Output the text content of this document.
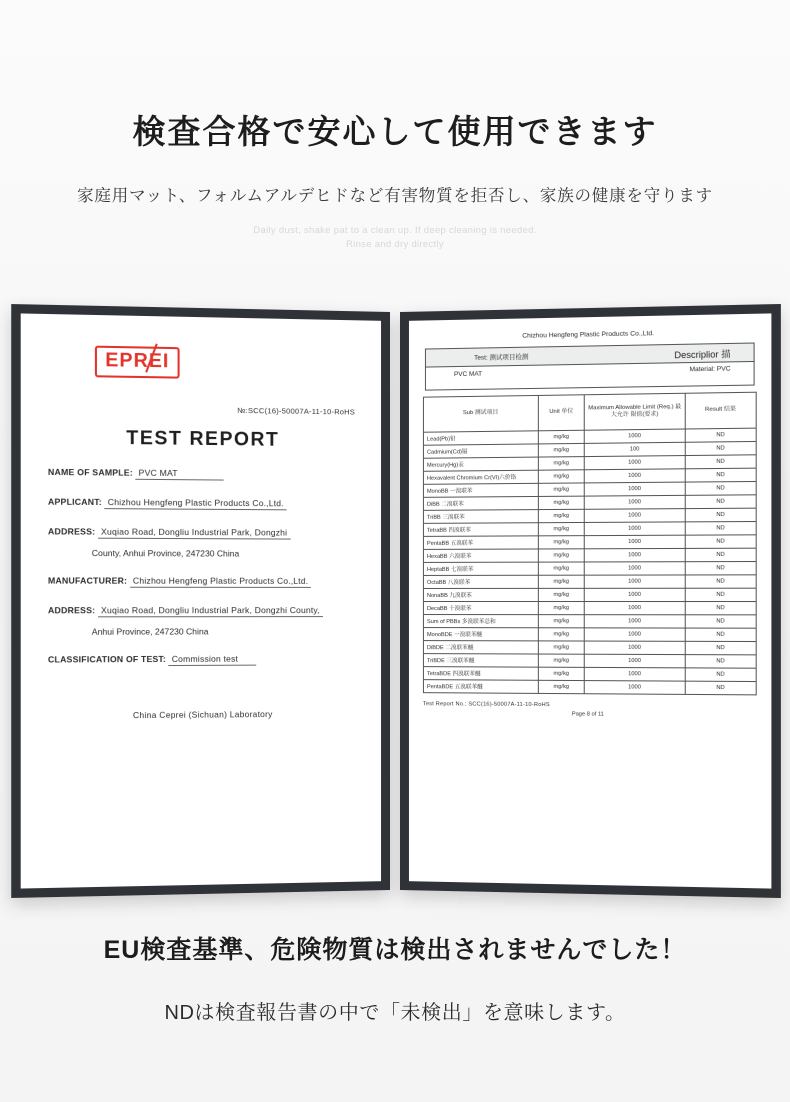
検査合格で安心して使用できます
家庭用マット、フォルムアルデヒドなど有害物質を拒否し、家族の健康を守ります
Daily dust, shake pat to a clean up. If deep cleaning is needed.
Rinse and dry directly
EPREI
№:SCC(16)-50007A-11-10-RoHS
TEST REPORT
NAME OF SAMPLE: PVC MAT
APPLICANT: Chizhou Hengfeng Plastic Products Co.,Ltd.
ADDRESS: Xuqiao Road, Dongliu Industrial Park, Dongzhi
County, Anhui Province, 247230 China
MANUFACTURER: Chizhou Hengfeng Plastic Products Co.,Ltd.
ADDRESS: Xuqiao Road, Dongliu Industrial Park, Dongzhi County,
Anhui Province, 247230 China
CLASSIFICATION OF TEST: Commission test
China Ceprei (Sichuan) Laboratory
Chizhou Hengfeng Plastic Products Co.,Ltd.
Test: 测试项目检测	Descriplior 描
Material: PVC
PVC MAT
Sub 测试项目	Unit 单位	Maximum Allowable Limit (Req.) 最大允许 限值(要求)	Result 结果
Lead(Pb)铅	mg/kg	1000	ND
Cadmium(Cd)镉	mg/kg	100	ND
Mercury(Hg)汞	mg/kg	1000	ND
Hexavalent Chromium Cr(VI)六价铬	mg/kg	1000	ND
MonoBB 一溴联苯	mg/kg	1000	ND
DiBB 二溴联苯	mg/kg	1000	ND
TriBB 三溴联苯	mg/kg	1000	ND
TetraBB 四溴联苯	mg/kg	1000	ND
PentaBB 五溴联苯	mg/kg	1000	ND
HexaBB 六溴联苯	mg/kg	1000	ND
HeptaBB 七溴联苯	mg/kg	1000	ND
OctaBB 八溴联苯	mg/kg	1000	ND
NonaBB 九溴联苯	mg/kg	1000	ND
DecaBB 十溴联苯	mg/kg	1000	ND
Sum of PBBs 多溴联苯总和	mg/kg	1000	ND
MonoBDE 一溴联苯醚	mg/kg	1000	ND
DiBDE 二溴联苯醚	mg/kg	1000	ND
TriBDE 三溴联苯醚	mg/kg	1000	ND
TetraBDE 四溴联苯醚	mg/kg	1000	ND
PentaBDE 五溴联苯醚	mg/kg	1000	ND
Test Report No.: SCC(16)-50007A-11-10-RoHS
Page 8 of 11
EU検査基準、危険物質は検出されませんでした！
NDは検査報告書の中で「未検出」を意味します。
